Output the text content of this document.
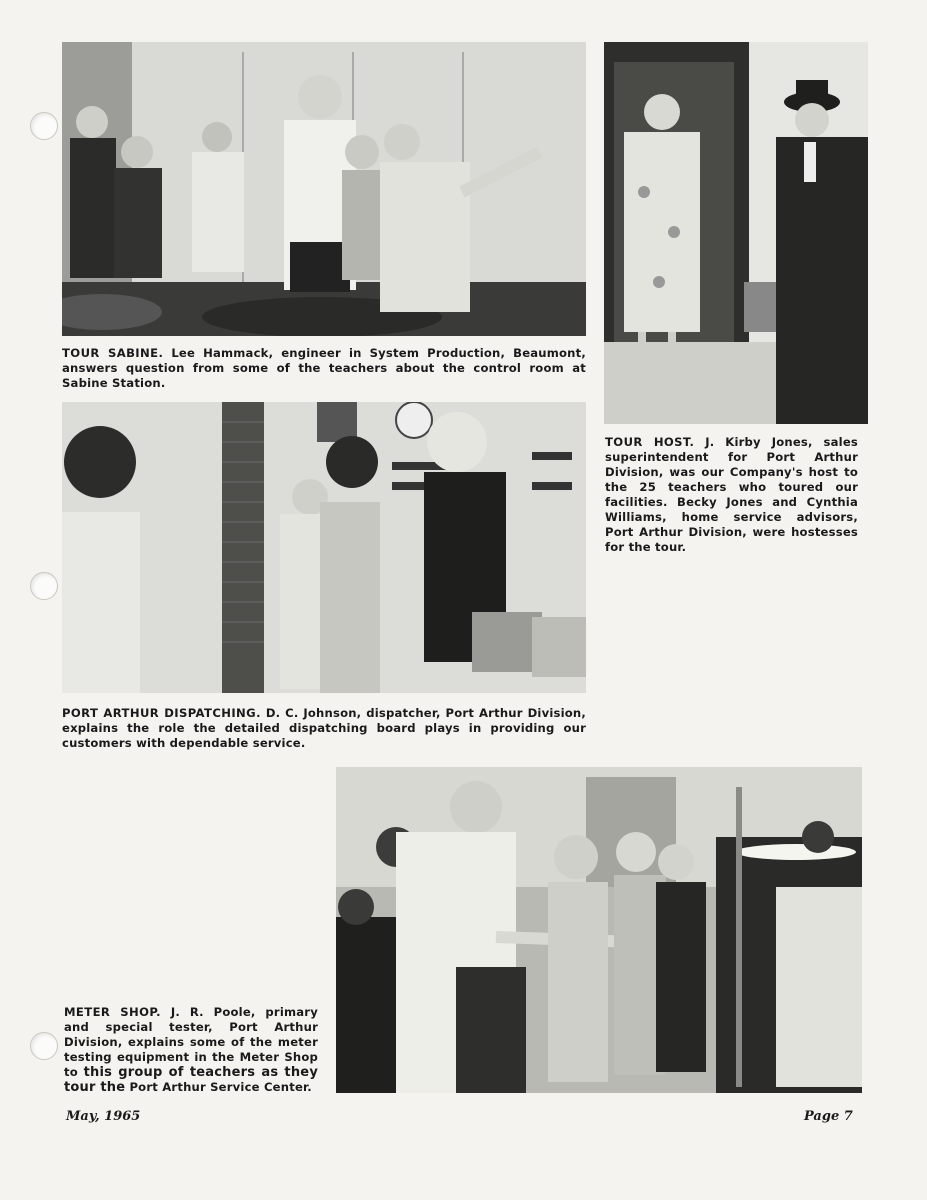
TOUR SABINE. Lee Hammack, engineer in System Production, Beaumont, answers question from some of the teachers about the control room at Sabine Station.
TOUR HOST. J. Kirby Jones, sales superintendent for Port Arthur Division, was our Company's host to the 25 teachers who toured our facilities. Becky Jones and Cynthia Williams, home service advisors, Port Arthur Division, were hostesses for the tour.
PORT ARTHUR DISPATCHING. D. C. Johnson, dispatcher, Port Arthur Division, explains the role the detailed dispatching board plays in providing our customers with dependable service.
METER SHOP. J. R. Poole, primary and special tester, Port Arthur Division, explains some of the meter testing equipment in the Meter Shop to this group of teachers as they tour the Port Arthur Service Center.
May, 1965	Page 7
